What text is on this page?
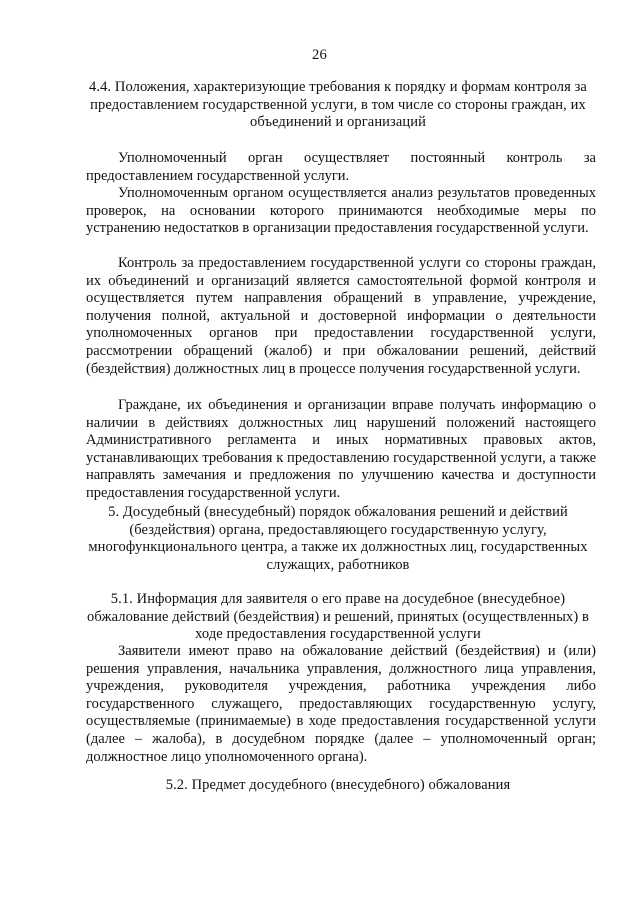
26
4.4. Положения, характеризующие требования к порядку и формам контроля за предоставлением государственной услуги, в том числе со стороны граждан, их объединений и организаций
Уполномоченный орган осуществляет постоянный контроль за предоставлением государственной услуги.
Уполномоченным органом осуществляется анализ результатов проведенных проверок, на основании которого принимаются необходимые меры по устранению недостатков в организации предоставления государственной услуги.
Контроль за предоставлением государственной услуги со стороны граждан, их объединений и организаций является самостоятельной формой контроля и осуществляется путем направления обращений в управление, учреждение, получения полной, актуальной и достоверной информации о деятельности уполномоченных органов при предоставлении государственной услуги, рассмотрении обращений (жалоб) и при обжаловании решений, действий (бездействия) должностных лиц в процессе получения государственной услуги.
Граждане, их объединения и организации вправе получать информацию о наличии в действиях должностных лиц нарушений положений настоящего Административного регламента и иных нормативных правовых актов, устанавливающих требования к предоставлению государственной услуги, а также направлять замечания и предложения по улучшению качества и доступности предоставления государственной услуги.
5. Досудебный (внесудебный) порядок обжалования решений и действий (бездействия) органа, предоставляющего государственную услугу, многофункционального центра, а также их должностных лиц, государственных служащих, работников
5.1. Информация для заявителя о его праве на досудебное (внесудебное) обжалование действий (бездействия) и решений, принятых (осуществленных) в ходе предоставления государственной услуги
Заявители имеют право на обжалование действий (бездействия) и (или) решения управления, начальника управления, должностного лица управления, учреждения, руководителя учреждения, работника учреждения либо государственного служащего, предоставляющих государственную услугу, осуществляемые (принимаемые) в ходе предоставления государственной услуги (далее – жалоба), в досудебном порядке (далее – уполномоченный орган; должностное лицо уполномоченного органа).
5.2. Предмет досудебного (внесудебного) обжалования
